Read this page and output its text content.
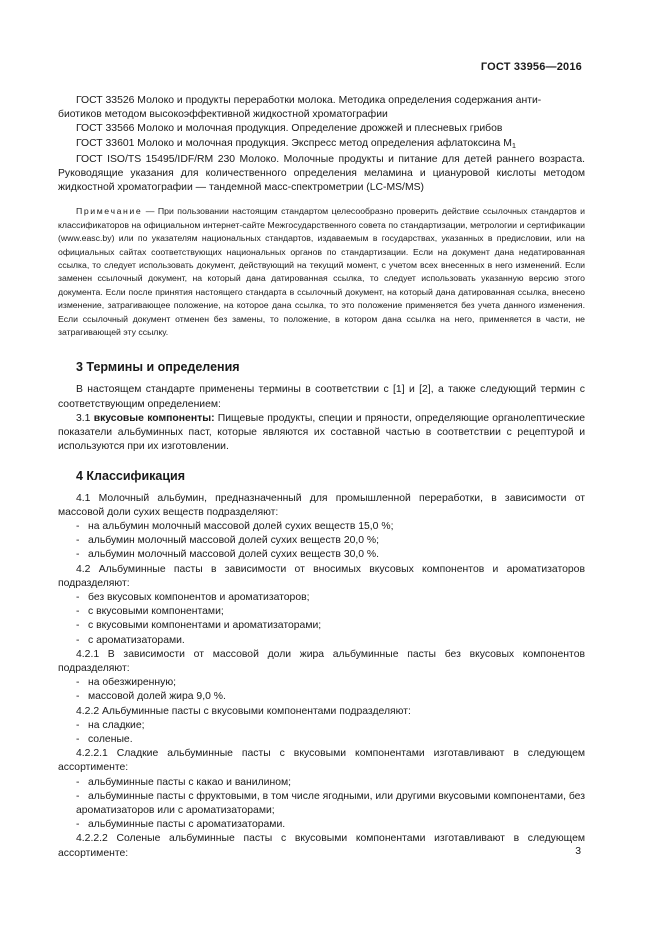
ГОСТ 33956—2016

ГОСТ 33526 Молоко и продукты переработки молока. Методика определения содержания анти-
биотиков методом высокоэффективной жидкостной хроматографии

ГОСТ 33566 Молоко и молочная продукция. Определение дрожжей и плесневых грибов

ГОСТ 33601 Молоко и молочная продукция. Экспресс метод определения афлатоксина $M_1$

ГОСТ ISO/TS 15495/IDF/RM 230 Молоко. Молочные продукты и питание для детей раннего возраста. Руководящие указания для количественного определения меламина и циануровой кислоты методом жидкостной хроматографии — тандемной масс-спектрометрии (LC-MS/MS)

Примечание — При пользовании настоящим стандартом целесообразно проверить действие ссылочных стандартов и классификаторов на официальном интернет-сайте Межгосударственного совета по стандартизации, метрологии и сертификации (www.easc.by) или по указателям национальных стандартов, издаваемым в государствах, указанных в предисловии, или на официальных сайтах соответствующих национальных органов по стандартизации. Если на документ дана недатированная ссылка, то следует использовать документ, действующий на текущий момент, с учетом всех внесенных в него изменений. Если заменен ссылочный документ, на который дана датированная ссылка, то следует использовать указанную версию этого документа. Если после принятия настоящего стандарта в ссылочный документ, на который дана датированная ссылка, внесено изменение, затрагивающее положение, на которое дана ссылка, то это положение применяется без учета данного изменения. Если ссылочный документ отменен без замены, то положение, в котором дана ссылка на него, применяется в части, не затрагивающей эту ссылку.

3 Термины и определения

В настоящем стандарте применены термины в соответствии с [1] и [2], а также следующий термин с соответствующим определением:

3.1 вкусовые компоненты: Пищевые продукты, специи и пряности, определяющие органолептические показатели альбуминных паст, которые являются их составной частью в соответствии с рецептурой и используются при их изготовлении.

4 Классификация

4.1 Молочный альбумин, предназначенный для промышленной переработки, в зависимости от массовой доли сухих веществ подразделяют:

- на альбумин молочный массовой долей сухих веществ 15,0 %;

- альбумин молочный массовой долей сухих веществ 20,0 %;

- альбумин молочный массовой долей сухих веществ 30,0 %.

4.2 Альбуминные пасты в зависимости от вносимых вкусовых компонентов и ароматизаторов подразделяют:

- без вкусовых компонентов и ароматизаторов;

- с вкусовыми компонентами;

- с вкусовыми компонентами и ароматизаторами;

- с ароматизаторами.

4.2.1 В зависимости от массовой доли жира альбуминные пасты без вкусовых компонентов подразделяют:

- на обезжиренную;

- массовой долей жира 9,0 %.

4.2.2 Альбуминные пасты с вкусовыми компонентами подразделяют:

- на сладкие;

- соленые.

4.2.2.1 Сладкие альбуминные пасты с вкусовыми компонентами изготавливают в следующем ассортименте:

- альбуминные пасты с какао и ванилином;

- альбуминные пасты с фруктовыми, в том числе ягодными, или другими вкусовыми компонентами, без ароматизаторов или с ароматизаторами;

- альбуминные пасты с ароматизаторами.

4.2.2.2 Соленые альбуминные пасты с вкусовыми компонентами изготавливают в следующем ассортименте:	3
